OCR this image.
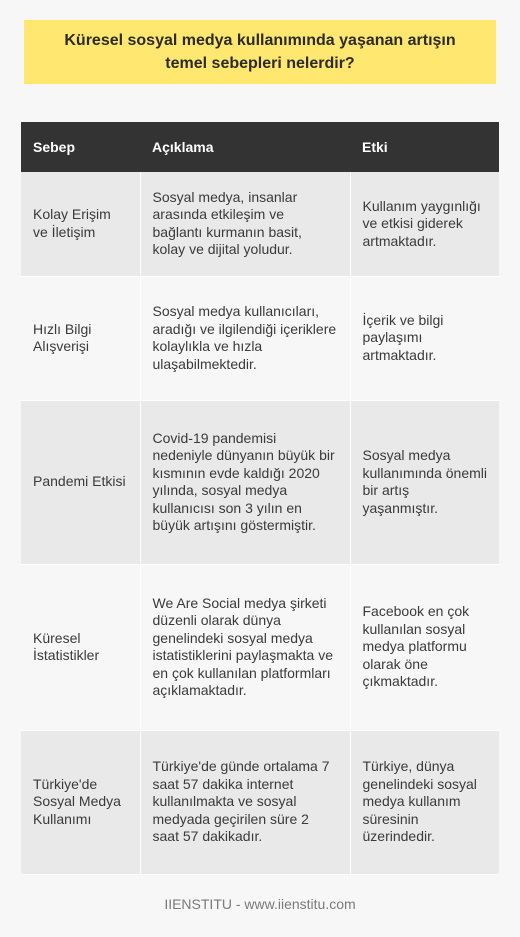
Küresel sosyal medya kullanımında yaşanan artışın temel sebepleri nelerdir?
Sebep	Açıklama	Etki
Kolay Erişim ve İletişim	Sosyal medya, insanlar arasında etkileşim ve bağlantı kurmanın basit, kolay ve dijital yoludur.	Kullanım yaygınlığı ve etkisi giderek artmaktadır.
Hızlı Bilgi Alışverişi	Sosyal medya kullanıcıları, aradığı ve ilgilendiği içeriklere kolaylıkla ve hızla ulaşabilmektedir.	İçerik ve bilgi paylaşımı artmaktadır.
Pandemi Etkisi	Covid-19 pandemisi nedeniyle dünyanın büyük bir kısmının evde kaldığı 2020 yılında, sosyal medya kullanıcısı son 3 yılın en büyük artışını göstermiştir.	Sosyal medya kullanımında önemli bir artış yaşanmıştır.
Küresel İstatistikler	We Are Social medya şirketi düzenli olarak dünya genelindeki sosyal medya istatistiklerini paylaşmakta ve en çok kullanılan platformları açıklamaktadır.	Facebook en çok kullanılan sosyal medya platformu olarak öne çıkmaktadır.
Türkiye'de Sosyal Medya Kullanımı	Türkiye'de günde ortalama 7 saat 57 dakika internet kullanılmakta ve sosyal medyada geçirilen süre 2 saat 57 dakikadır.	Türkiye, dünya genelindeki sosyal medya kullanım süresinin üzerindedir.
IIENSTITU - www.iienstitu.com
